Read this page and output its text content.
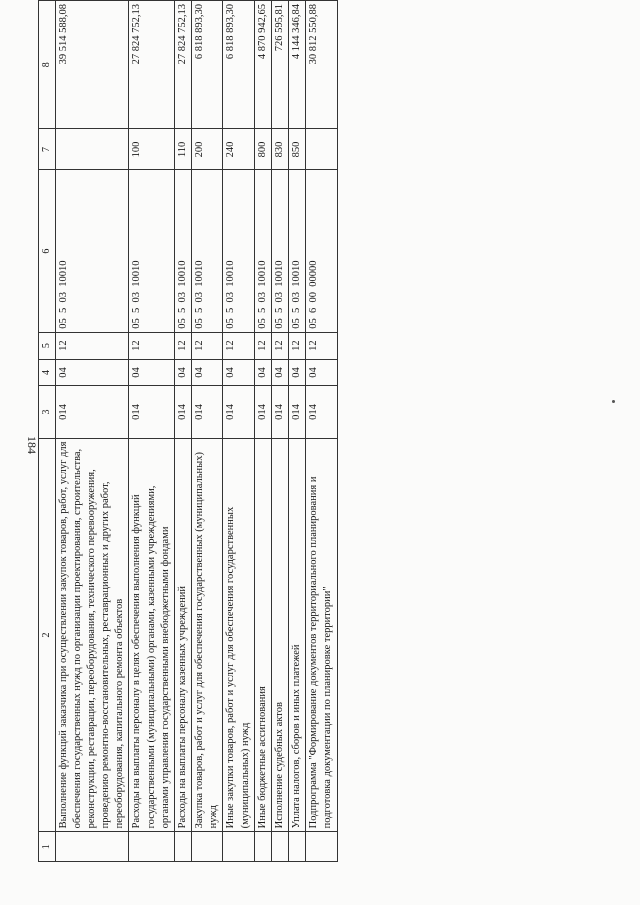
184
1	2	3	4	5	6	7	8
	Выполнение функций заказчика при осуществлении закупок товаров, работ, услуг для обеспечения государственных нужд по организации проектирования, строительства, реконструкции, реставрации, переоборудования, технического перевооружения, проведению ремонтно-восстановительных, реставрационных и других работ, переоборудования, капитального ремонта объектов	014	04	12	05  5  03  10010		39 514 588,08
	Расходы на выплаты персоналу в целях обеспечения выполнения функций государственными (муниципальными) органами, казенными учреждениями, органами управления государственными внебюджетными фондами	014	04	12	05  5  03  10010	100	27 824 752,13
	Расходы на выплаты персоналу казенных учреждений	014	04	12	05  5  03  10010	110	27 824 752,13
	Закупка товаров, работ и услуг для обеспечения государственных (муниципальных) нужд	014	04	12	05  5  03  10010	200	6 818 893,30
	Иные закупки товаров, работ и услуг для обеспечения государственных (муниципальных) нужд	014	04	12	05  5  03  10010	240	6 818 893,30
	Иные бюджетные ассигнования	014	04	12	05  5  03  10010	800	4 870 942,65
	Исполнение судебных актов	014	04	12	05  5  03  10010	830	726 595,81
	Уплата налогов, сборов и иных платежей	014	04	12	05  5  03  10010	850	4 144 346,84
	Подпрограмма "Формирование документов территориального планирования и подготовка документации по планировке территории"	014	04	12	05  6  00  00000		30 812 550,88
